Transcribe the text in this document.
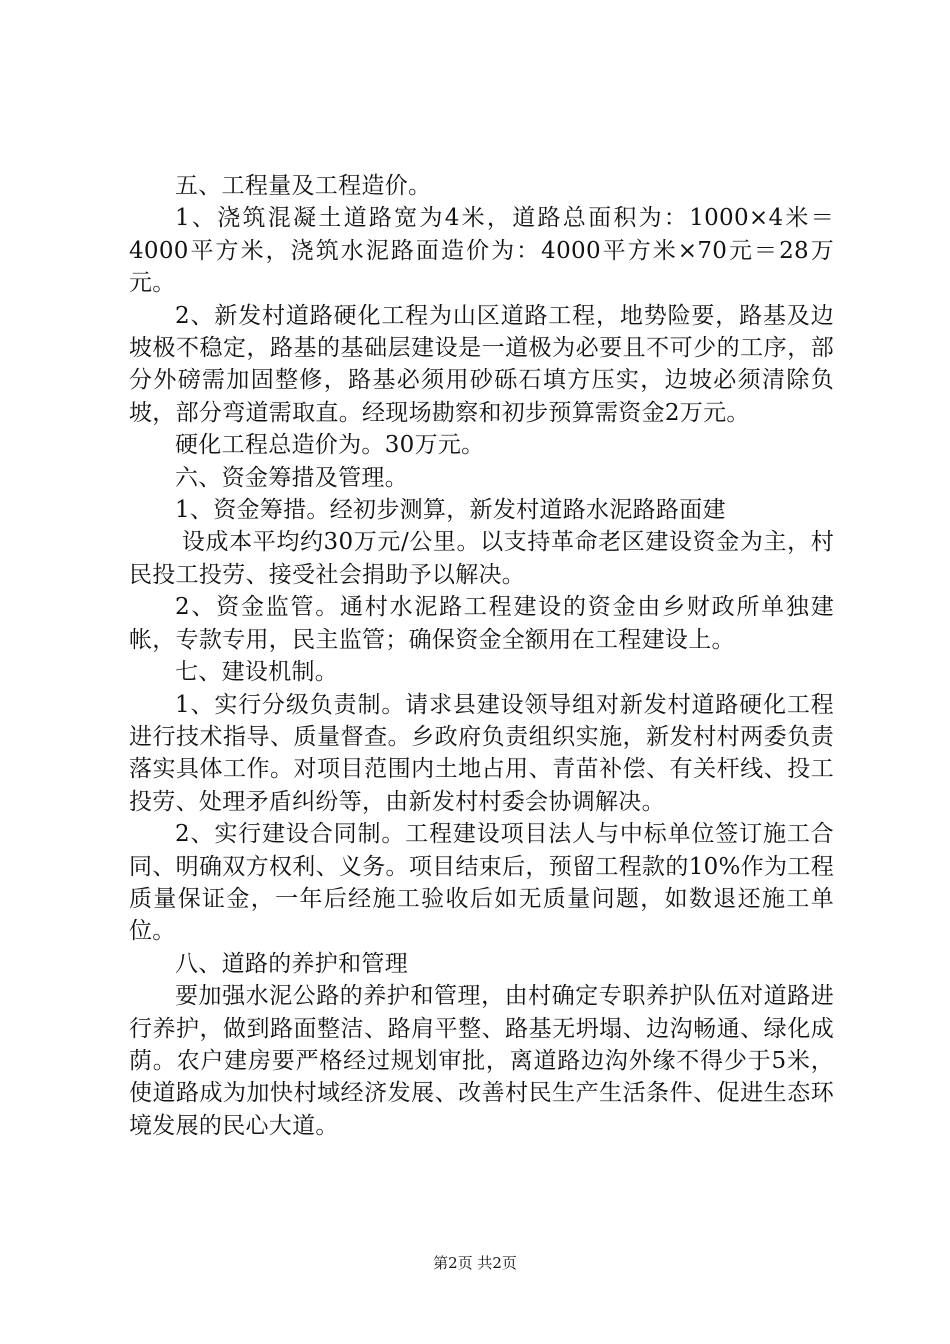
五、工程量及工程造价。

1、浇筑混凝土道路宽为4米，道路总面积为：1000×4米＝4000平方米，浇筑水泥路面造价为：4000平方米×70元＝28万元。

2、新发村道路硬化工程为山区道路工程，地势险要，路基及边坡极不稳定，路基的基础层建设是一道极为必要且不可少的工序，部分外磅需加固整修，路基必须用砂砾石填方压实，边坡必须清除负坡，部分弯道需取直。经现场勘察和初步预算需资金2万元。

硬化工程总造价为。30万元。

六、资金筹措及管理。

1、资金筹措。经初步测算，新发村道路水泥路路面建

设成本平均约30万元/公里。以支持革命老区建设资金为主，村民投工投劳、接受社会捐助予以解决。

2、资金监管。通村水泥路工程建设的资金由乡财政所单独建帐，专款专用，民主监管；确保资金全额用在工程建设上。

七、建设机制。

1、实行分级负责制。请求县建设领导组对新发村道路硬化工程进行技术指导、质量督查。乡政府负责组织实施，新发村村两委负责落实具体工作。对项目范围内土地占用、青苗补偿、有关杆线、投工投劳、处理矛盾纠纷等，由新发村村委会协调解决。

2、实行建设合同制。工程建设项目法人与中标单位签订施工合同、明确双方权利、义务。项目结束后，预留工程款的10%作为工程质量保证金，一年后经施工验收后如无质量问题，如数退还施工单位。

八、道路的养护和管理

要加强水泥公路的养护和管理，由村确定专职养护队伍对道路进行养护，做到路面整洁、路肩平整、路基无坍塌、边沟畅通、绿化成荫。农户建房要严格经过规划审批，离道路边沟外缘不得少于5米，使道路成为加快村域经济发展、改善村民生产生活条件、促进生态环境发展的民心大道。

第2页 共2页
